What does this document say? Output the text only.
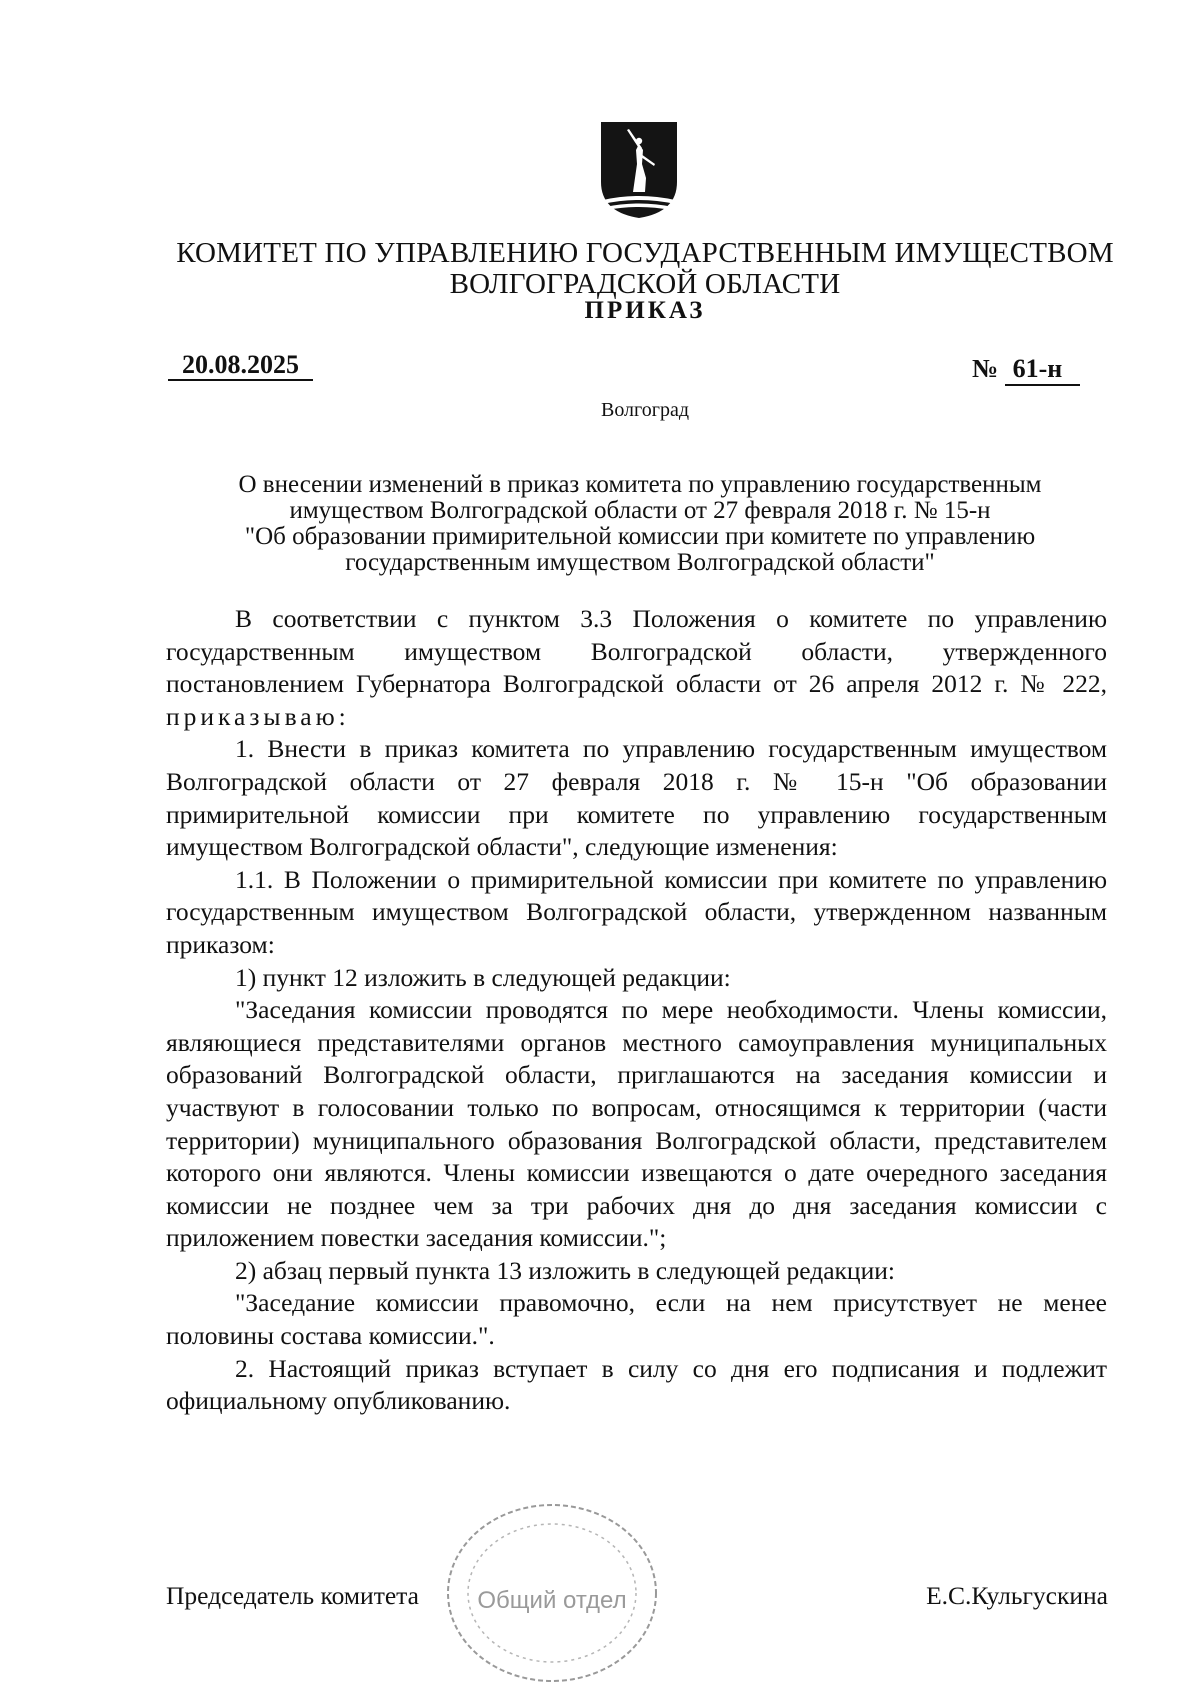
КОМИТЕТ ПО УПРАВЛЕНИЮ ГОСУДАРСТВЕННЫМ ИМУЩЕСТВОМ
ВОЛГОГРАДСКОЙ ОБЛАСТИ
ПРИКАЗ
20.08.2025	№ 61-н
Волгоград
О внесении изменений в приказ комитета по управлению государственным
имуществом Волгоградской области от 27 февраля 2018 г. № 15-н
"Об образовании примирительной комиссии при комитете по управлению
государственным имуществом Волгоградской области"
В соответствии с пунктом 3.3 Положения о комитете по управлению государственным имуществом Волгоградской области, утвержденного постановлением Губернатора Волгоградской области от 26 апреля 2012 г. № 222, приказываю:
1. Внести в приказ комитета по управлению государственным имуществом Волгоградской области от 27 февраля 2018 г. № 15-н "Об образовании примирительной комиссии при комитете по управлению государственным имуществом Волгоградской области", следующие изменения:
1.1. В Положении о примирительной комиссии при комитете по управлению государственным имуществом Волгоградской области, утвержденном названным приказом:
1) пункт 12 изложить в следующей редакции:
"Заседания комиссии проводятся по мере необходимости. Члены комиссии, являющиеся представителями органов местного самоуправления муниципальных образований Волгоградской области, приглашаются на заседания комиссии и участвуют в голосовании только по вопросам, относящимся к территории (части территории) муниципального образования Волгоградской области, представителем которого они являются. Члены комиссии извещаются о дате очередного заседания комиссии не позднее чем за три рабочих дня до дня заседания комиссии с приложением повестки заседания комиссии.";
2) абзац первый пункта 13 изложить в следующей редакции:
"Заседание комиссии правомочно, если на нем присутствует не менее половины состава комиссии.".
2. Настоящий приказ вступает в силу со дня его подписания и подлежит официальному опубликованию.
Председатель комитета	Е.С.Кульгускина
Общий отдел
